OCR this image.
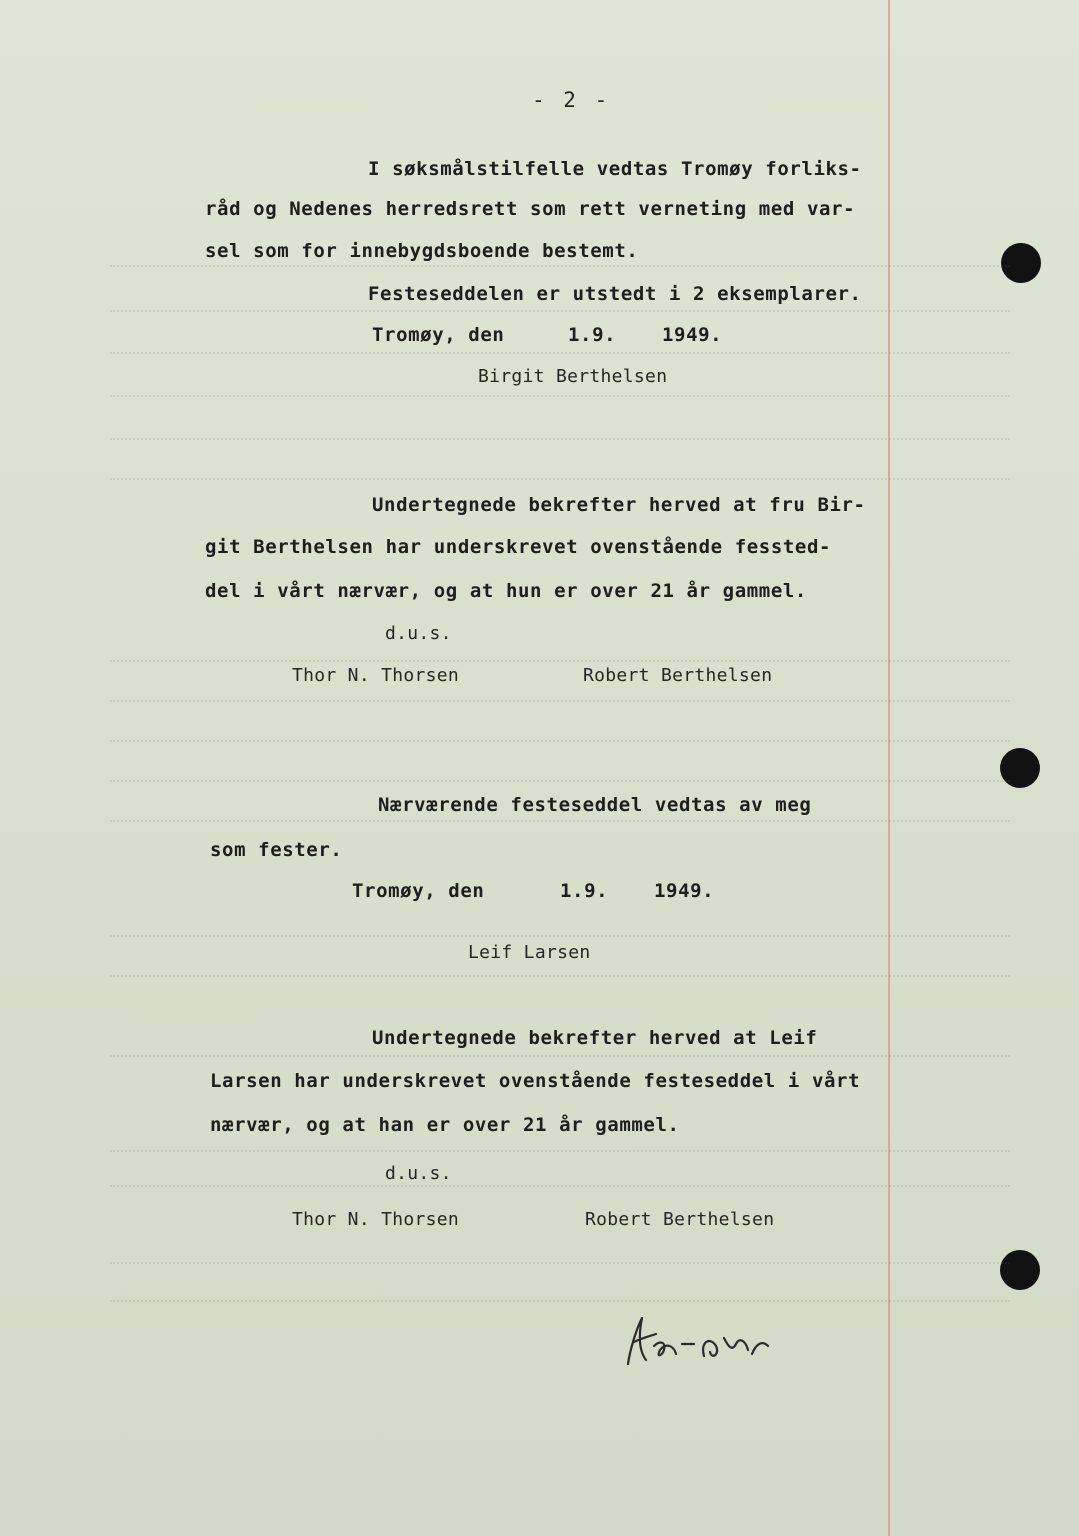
- 2 -
I søksmålstilfelle vedtas Tromøy forliks-
råd og Nedenes herredsrett som rett verneting med var-
sel som for innebygdsboende bestemt.
Festeseddelen er utstedt i 2 eksemplarer.
Tromøy, den	1.9. 1949.
Birgit Berthelsen
Undertegnede bekrefter herved at fru Bir-
git Berthelsen har underskrevet ovenstående fessted-
del i vårt nærvær, og at hun er over 21 år gammel.
d.u.s.
Thor N. Thorsen	Robert Berthelsen
Nærværende festeseddel vedtas av meg
som fester.
Tromøy, den	1.9. 1949.
Leif Larsen
Undertegnede bekrefter herved at Leif
Larsen har underskrevet ovenstående festeseddel i vårt
nærvær, og at han er over 21 år gammel.
d.u.s.
Thor N. Thorsen	Robert Berthelsen
